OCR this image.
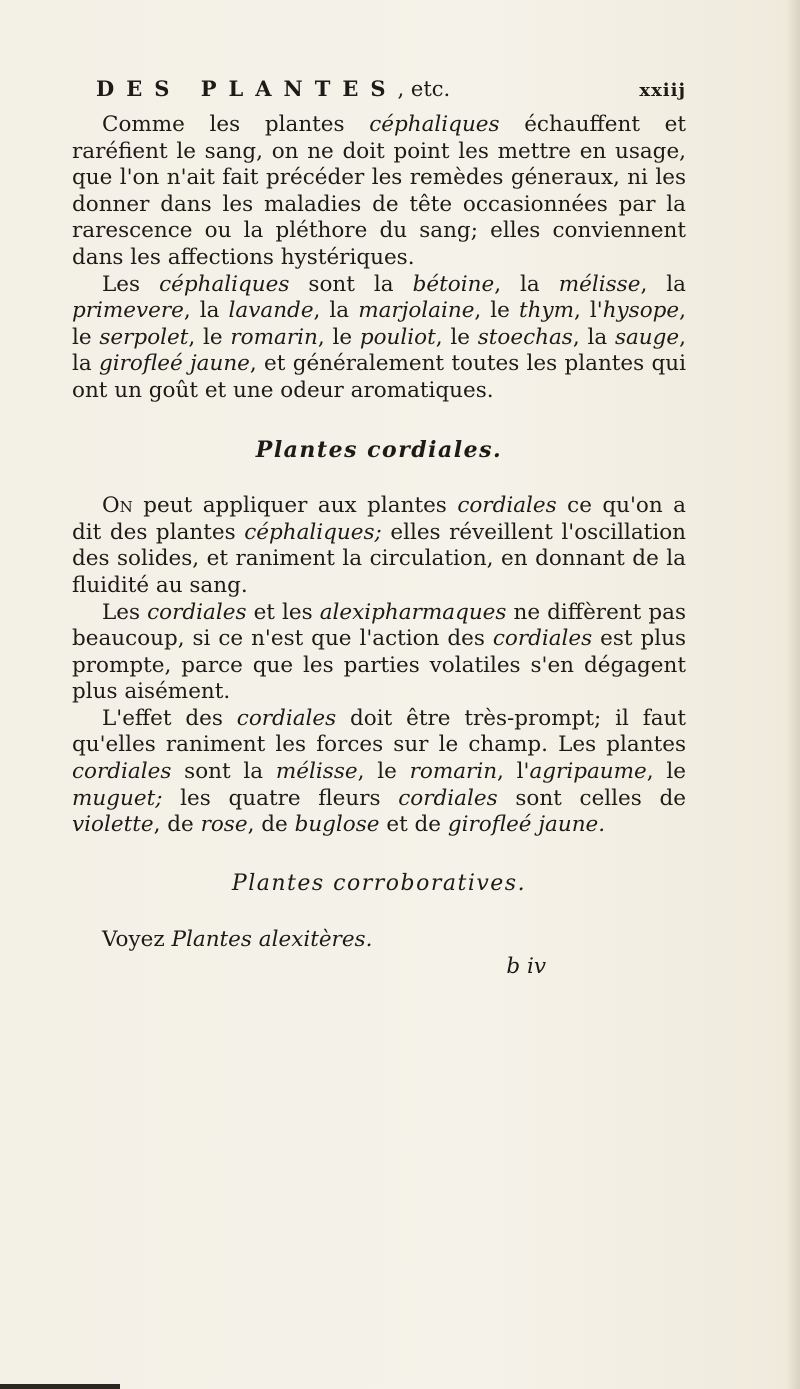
DES PLANTES, etc.	xxiij

Comme les plantes céphaliques échauffent et raréfient le sang, on ne doit point les mettre en usage, que l'on n'ait fait précéder les remèdes géneraux, ni les donner dans les maladies de tête occasionnées par la rarescence ou la pléthore du sang; elles conviennent dans les affections hystériques.

Les céphaliques sont la bétoine, la mélisse, la primevere, la lavande, la marjolaine, le thym, l'hysope, le serpolet, le romarin, le pouliot, le stoechas, la sauge, la girofleé jaune, et généralement toutes les plantes qui ont un goût et une odeur aromatiques.

Plantes cordiales.

On peut appliquer aux plantes cordiales ce qu'on a dit des plantes céphaliques; elles réveillent l'oscillation des solides, et raniment la circulation, en donnant de la fluidité au sang.

Les cordiales et les alexipharmaques ne diffèrent pas beaucoup, si ce n'est que l'action des cordiales est plus prompte, parce que les parties volatiles s'en dégagent plus aisément.

L'effet des cordiales doit être très-prompt; il faut qu'elles raniment les forces sur le champ. Les plantes cordiales sont la mélisse, le romarin, l'agripaume, le muguet; les quatre fleurs cordiales sont celles de violette, de rose, de buglose et de girofleé jaune.

Plantes corroboratives.

Voyez Plantes alexitères.

b iv
